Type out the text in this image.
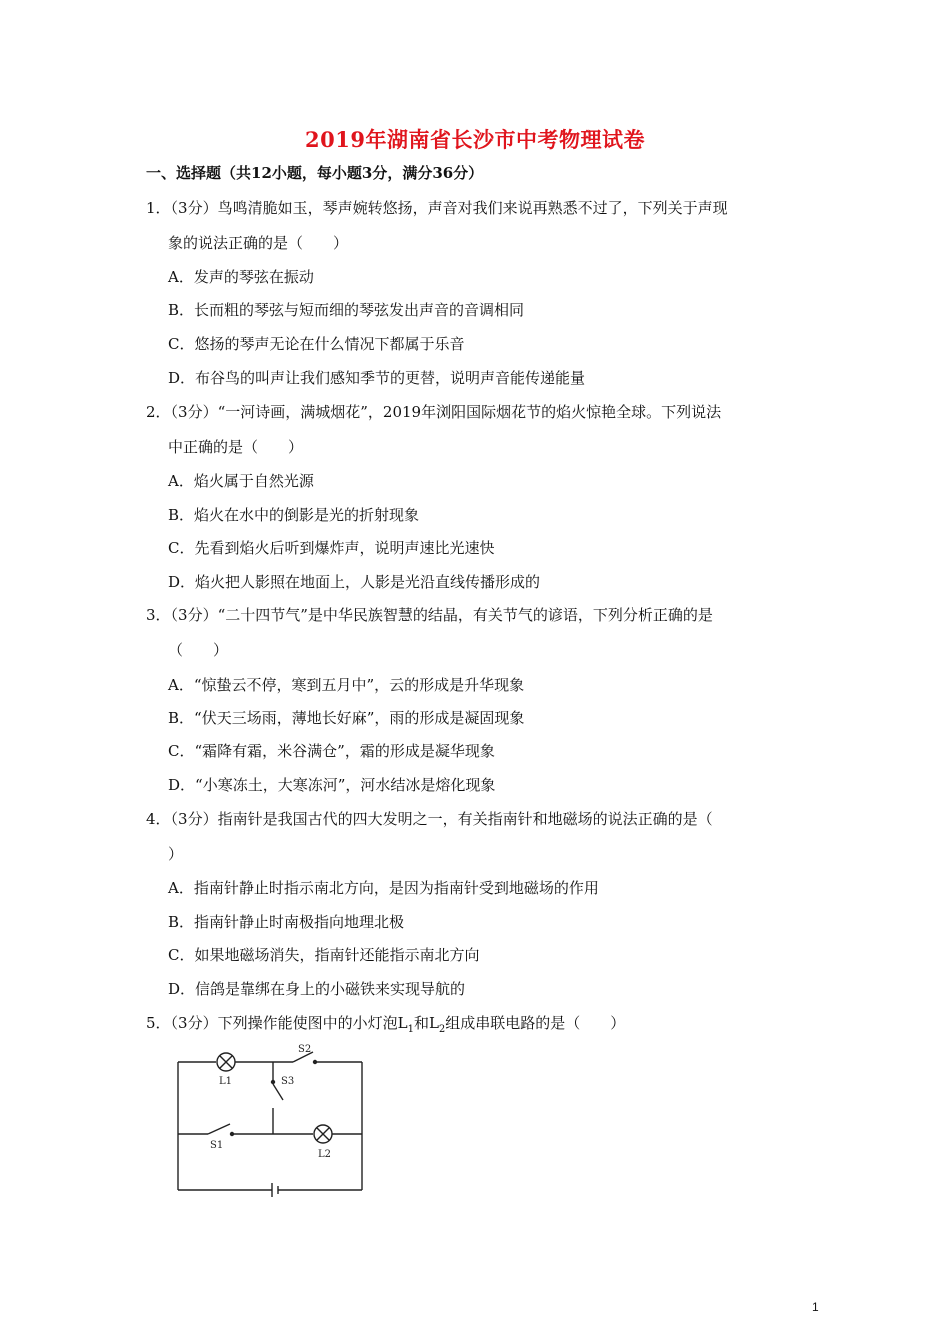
2019年湖南省长沙市中考物理试卷
一、选择题（共12小题，每小题3分，满分36分）
1．（3分）鸟鸣清脆如玉，琴声婉转悠扬，声音对我们来说再熟悉不过了，下列关于声现
象的说法正确的是（　　）
A．发声的琴弦在振动
B．长而粗的琴弦与短而细的琴弦发出声音的音调相同
C．悠扬的琴声无论在什么情况下都属于乐音
D．布谷鸟的叫声让我们感知季节的更替，说明声音能传递能量
2．（3分）“一河诗画，满城烟花”，2019年浏阳国际烟花节的焰火惊艳全球。下列说法
中正确的是（　　）
A．焰火属于自然光源
B．焰火在水中的倒影是光的折射现象
C．先看到焰火后听到爆炸声，说明声速比光速快
D．焰火把人影照在地面上，人影是光沿直线传播形成的
3．（3分）“二十四节气”是中华民族智慧的结晶，有关节气的谚语，下列分析正确的是
（　　）
A．“惊蛰云不停，寒到五月中”，云的形成是升华现象
B．“伏天三场雨，薄地长好麻”，雨的形成是凝固现象
C．“霜降有霜，米谷满仓”，霜的形成是凝华现象
D．“小寒冻土，大寒冻河”，河水结冰是熔化现象
4．（3分）指南针是我国古代的四大发明之一，有关指南针和地磁场的说法正确的是（
）
A．指南针静止时指示南北方向，是因为指南针受到地磁场的作用
B．指南针静止时南极指向地理北极
C．如果地磁场消失，指南针还能指示南北方向
D．信鸽是靠绑在身上的小磁铁来实现导航的
5．（3分）下列操作能使图中的小灯泡$L_1$和$L_2$组成串联电路的是（　　）
L1
S2
S3
S1
L2
1
